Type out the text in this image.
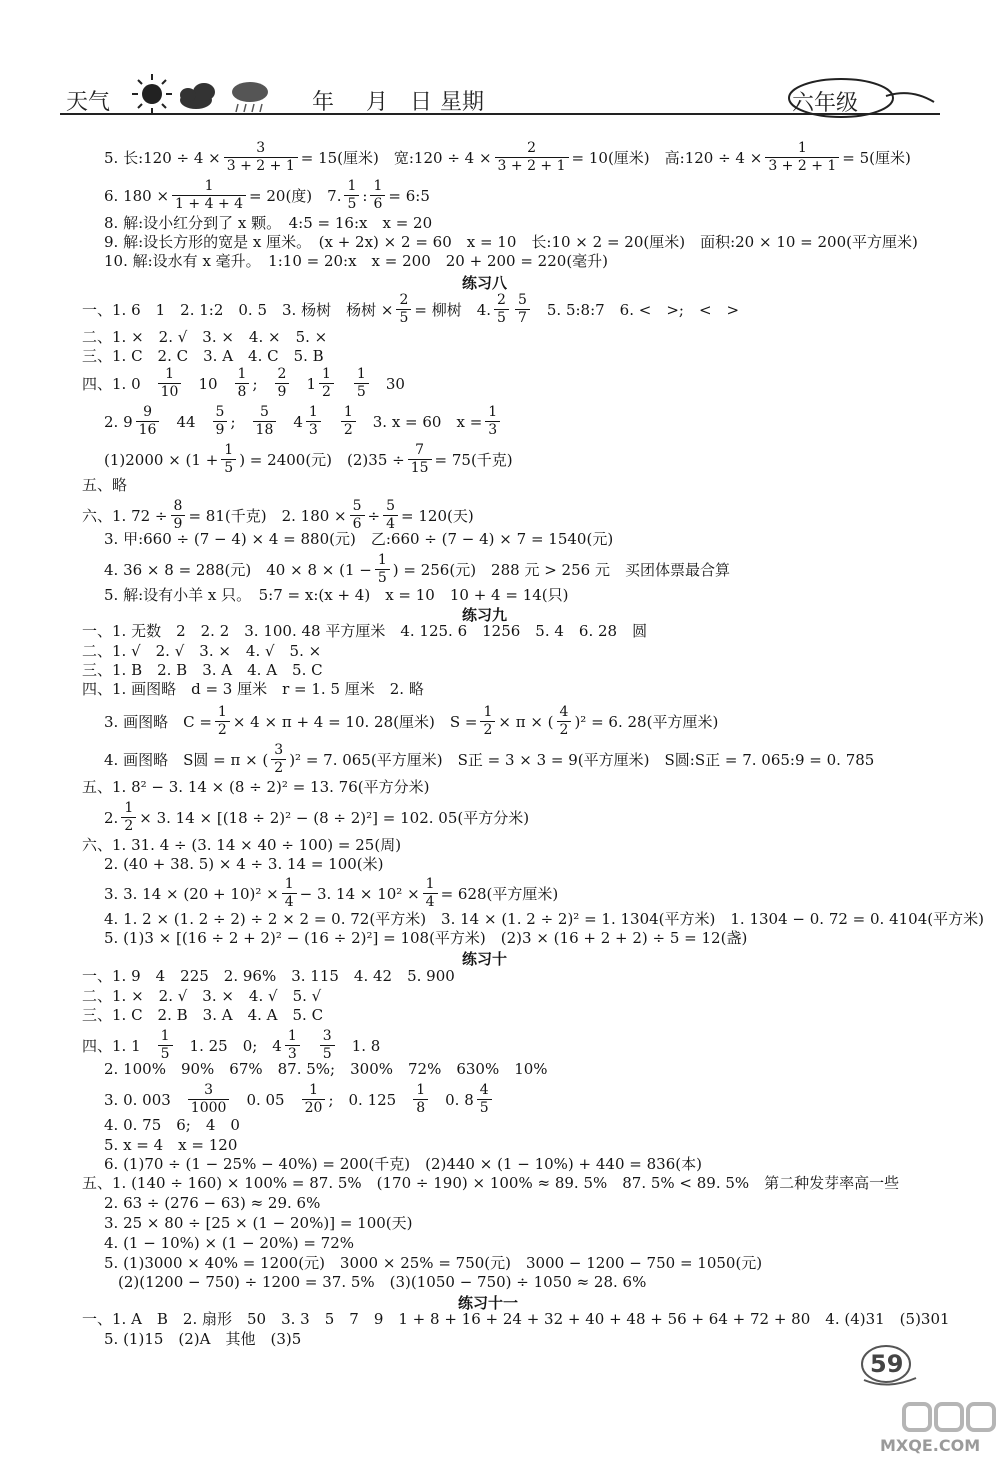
天气	年 月 日 星期	六年级
5. 长:120 ÷ $4 \times \frac{3}{3 + 2 + 1} = 15$(厘米)　宽:120 ÷ $4 \times \frac{2}{3 + 2 + 1} = 10$(厘米)　高:120 ÷ $4 \times \frac{1}{3 + 2 + 1} = 5$(厘米)
6. $180 \times \frac{1}{1 + 4 + 4} = 20$(度)　7. $\frac{1}{5}$ : $\frac{1}{6}$ = 6:5
8. 解:设小红分到了 x 颗。　4:5 = 16:x　x = 20
9. 解:设长方形的宽是 x 厘米。　(x + 2x) × 2 = 60　x = 10　长:10 × 2 = 20(厘米)　面积:20 × 10 = 200(平方厘米)
10. 解:设水有 x 毫升。　1:10 = 20:x　x = 200　20 + 200 = 220(毫升)
练习八
一、1. 6　1　2. 1:2　0. 5　3. 杨树　杨树 × $\frac{2}{5}$ = 柳树　4. $\frac{2}{5} \frac{5}{7} 5$. 5:8:7　6. <　>;　<　>
二、1. ×　2. √　3. ×　4. ×　5. ×
三、1. C　2. C　3. A　4. C　5. B
四、1. $0 \frac{1}{10} 10 \frac{1}{8}$ ; $\frac{2}{9} 1 \frac{1}{2} \frac{1}{5} 30$
2. $9 \frac{9}{16} 44 \frac{5}{9}$ ; $\frac{5}{18} 4 \frac{1}{3} \frac{1}{2} 3$. x = 60　$x = \frac{1}{3}$
$(1)2000 \times (1 + \frac{1}{5}$ ) = 2400(元)　$(2)35 \div \frac{7}{15} = 75$(千克)
五、略
六、1. $72 \div \frac{8}{9} = 81$(千克)　2. $180 \times \frac{5}{6} \div \frac{5}{4} = 120$(天)
3. 甲:660 ÷ (7 − 4) × 4 = 880(元)　乙:660 ÷ (7 − 4) × 7 = 1540(元)
4. 36 × 8 = 288(元)　$40 \times 8 \times (1 - \frac{1}{5}$ ) = 256(元)　288 元 > 256 元　买团体票最合算
5. 解:设有小羊 x 只。　5:7 = x:(x + 4)　x = 10　10 + 4 = 14(只)
练习九
一、1. 无数　2　2. 2　3. 100. 48 平方厘米　4. 125. 6　1256　5. 4　6. 28　圆
二、1. √　2. √　3. ×　4. √　5. ×
三、1. B　2. B　3. A　4. A　5. C
四、1. 画图略　d = 3 厘米　r = 1. 5 厘米　2. 略
3. 画图略　$C = \frac{1}{2} \times 4 \times \pi + 4 = 10$. 28(厘米)　$S = \frac{1}{2} \times \pi$ × ( $\frac{4}{2} )^2 = 6$. 28(平方厘米)
4. 画图略　S圆 = π × ( $\frac{3}{2} )^2 = 7$. 065(平方厘米)　S正 = 3 × 3 = 9(平方厘米)　S圆:S正 = 7. 065:9 = 0. 785
五、1. 8² − 3. 14 × (8 ÷ 2)² = 13. 76(平方分米)
2. $\frac{1}{2} \times 3$. 14 × [(18 ÷ 2)² − (8 ÷ 2)²] = 102. 05(平方分米)
六、1. 31. 4 ÷ (3. 14 × 40 ÷ 100) = 25(周)
2. (40 + 38. 5) × 4 ÷ 3. 14 = 100(米)
3. 3. $14 \times (20 + 10)^2 \times \frac{1}{4} - 3$. $14 \times 10^2 \times \frac{1}{4} = 628$(平方厘米)
4. 1. 2 × (1. 2 ÷ 2) ÷ 2 × 2 = 0. 72(平方米)　3. 14 × (1. 2 ÷ 2)² = 1. 1304(平方米)　1. 1304 − 0. 72 = 0. 4104(平方米)
5. (1)3 × [(16 ÷ 2 + 2)² − (16 ÷ 2)²] = 108(平方米)　(2)3 × (16 + 2 + 2) ÷ 5 = 12(盏)
练习十
一、1. 9　4　225　2. 96%　3. 115　4. 42　5. 900
二、1. ×　2. √　3. ×　4. √　5. √
三、1. C　2. B　3. A　4. A　5. C
四、1. $1 \frac{1}{5} 1$. 25　0;　$4 \frac{1}{3} \frac{3}{5} 1$. 8
2. 100%　90%　67%　87. 5%;　300%　72%　630%　10%
3. 0. $003 \frac{3}{1000} 0$. $05 \frac{1}{20}$ ;　0. $125 \frac{1}{8} 0$. $8 \frac{4}{5}$
4. 0. 75　6;　4　0
5. x = 4　x = 120
6. (1)70 ÷ (1 − 25% − 40%) = 200(千克)　(2)440 × (1 − 10%) + 440 = 836(本)
五、1. (140 ÷ 160) × 100% = 87. 5%　(170 ÷ 190) × 100% ≈ 89. 5%　87. 5% < 89. 5%　第二种发芽率高一些
2. 63 ÷ (276 − 63) ≈ 29. 6%
3. 25 × 80 ÷ [25 × (1 − 20%)] = 100(天)
4. (1 − 10%) × (1 − 20%) = 72%
5. (1)3000 × 40% = 1200(元)　3000 × 25% = 750(元)　3000 − 1200 − 750 = 1050(元)
(2)(1200 − 750) ÷ 1200 = 37. 5%　(3)(1050 − 750) ÷ 1050 ≈ 28. 6%
练习十一
一、1. A　B　2. 扇形　50　3. 3　5　7　9　1 + 8 + 16 + 24 + 32 + 40 + 48 + 56 + 64 + 72 + 80　4. (4)31　(5)301
5. (1)15　(2)A　其他　(3)5
59
MXQE.COM
